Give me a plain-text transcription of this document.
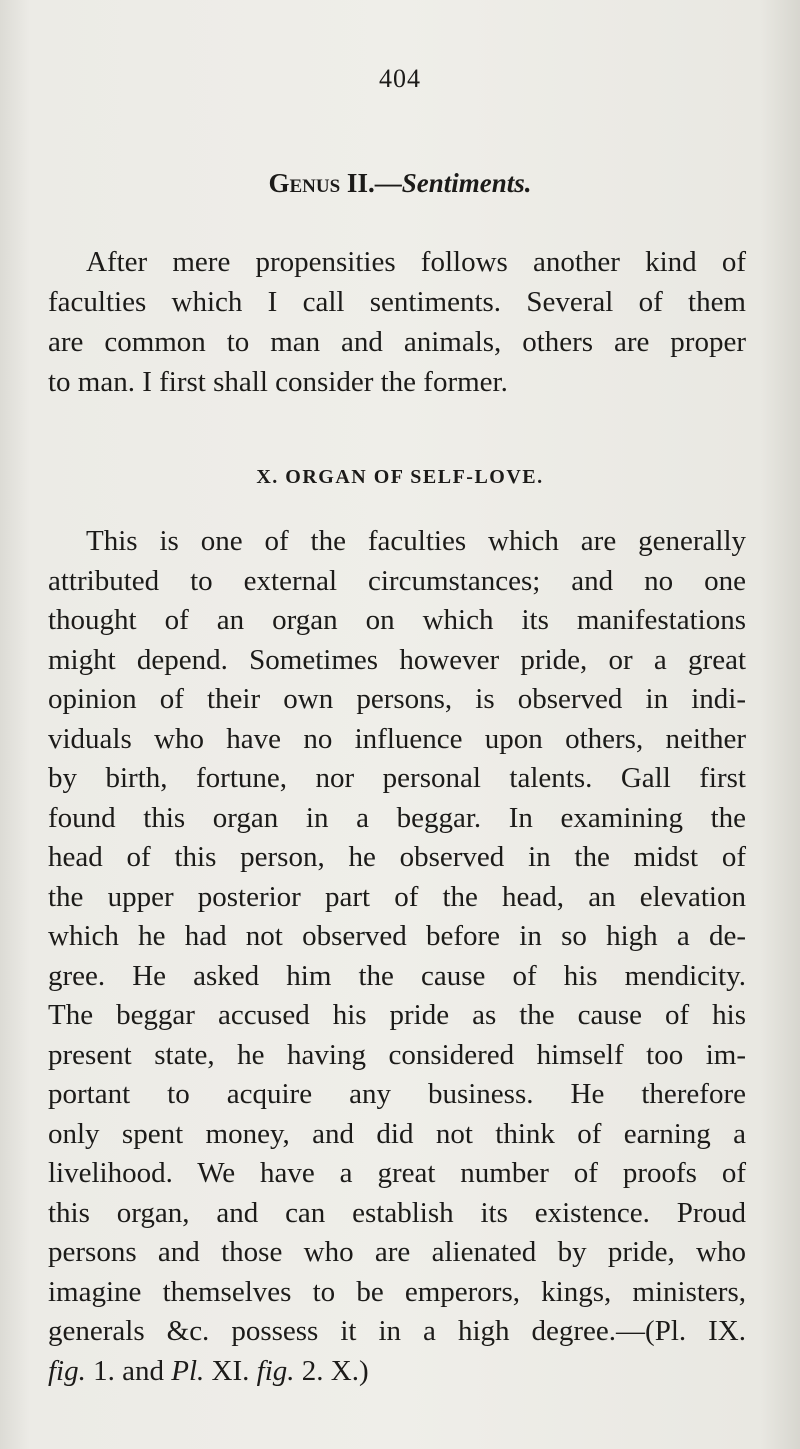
404
Genus II.—Sentiments.
After mere propensities follows another kind of
faculties which I call sentiments. Several of them
are common to man and animals, others are proper
to man. I first shall consider the former.
X. ORGAN OF SELF-LOVE.
This is one of the faculties which are generally
attributed to external circumstances; and no one
thought of an organ on which its manifestations
might depend. Sometimes however pride, or a great
opinion of their own persons, is observed in indi-
viduals who have no influence upon others, neither
by birth, fortune, nor personal talents. Gall first
found this organ in a beggar. In examining the
head of this person, he observed in the midst of
the upper posterior part of the head, an elevation
which he had not observed before in so high a de-
gree. He asked him the cause of his mendicity.
The beggar accused his pride as the cause of his
present state, he having considered himself too im-
portant to acquire any business. He therefore
only spent money, and did not think of earning a
livelihood. We have a great number of proofs of
this organ, and can establish its existence. Proud
persons and those who are alienated by pride, who
imagine themselves to be emperors, kings, ministers,
generals &c. possess it in a high degree.—(Pl. IX.
fig. 1. and Pl. XI. fig. 2. X.)
